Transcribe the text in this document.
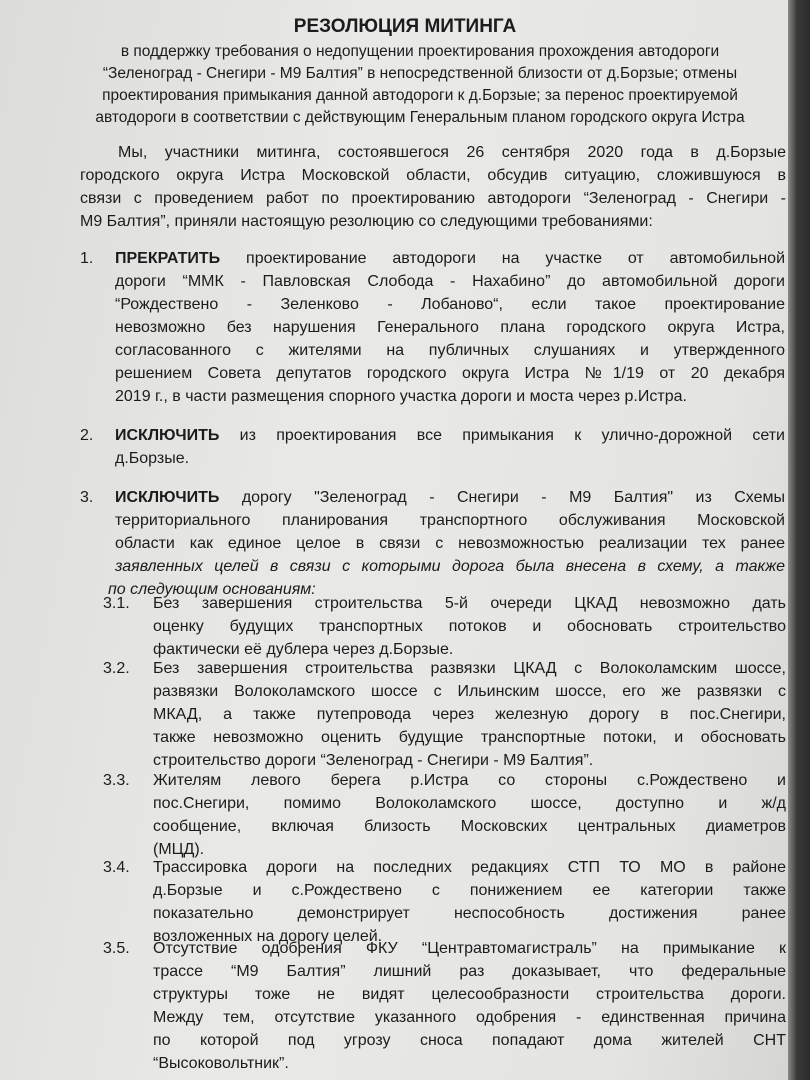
РЕЗОЛЮЦИЯ МИТИНГА
в поддержку требования о недопущении проектирования прохождения автодороги
“Зеленоград - Снегири - М9 Балтия” в непосредственной близости от д.Борзые; отмены
проектирования примыкания данной автодороги к д.Борзые; за перенос проектируемой
автодороги в соответствии с действующим Генеральным планом городского округа Истра
Мы, участники митинга, состоявшегося 26 сентября 2020 года в д.Борзые
городского округа Истра Московской области, обсудив ситуацию, сложившуюся в
связи с проведением работ по проектированию автодороги “Зеленоград - Снегири -
М9 Балтия”, приняли настоящую резолюцию со следующими требованиями:
1. ПРЕКРАТИТЬ проектирование автодороги на участке от автомобильной
дороги “ММК - Павловская Слобода - Нахабино” до автомобильной дороги
“Рождествено - Зеленково - Лобаново“, если такое проектирование
невозможно без нарушения Генерального плана городского округа Истра,
согласованного с жителями на публичных слушаниях и утвержденного
решением Совета депутатов городского округа Истра №1/19 от 20 декабря
2019 г., в части размещения спорного участка дороги и моста через р.Истра.
2. ИСКЛЮЧИТЬ из проектирования все примыкания к улично-дорожной сети
д.Борзые.
3. ИСКЛЮЧИТЬ дорогу "Зеленоград - Снегири - М9 Балтия" из Схемы
территориального планирования транспортного обслуживания Московской
области как единое целое в связи с невозможностью реализации тех ранее
заявленных целей в связи с которыми дорога была внесена в схему, а также
по следующим основаниям:
3.1. Без завершения строительства 5-й очереди ЦКАД невозможно дать
оценку будущих транспортных потоков и обосновать строительство
фактически её дублера через д.Борзые.
3.2. Без завершения строительства развязки ЦКАД с Волоколамским шоссе,
развязки Волоколамского шоссе с Ильинским шоссе, его же развязки с
МКАД, а также путепровода через железную дорогу в пос.Снегири,
также невозможно оценить будущие транспортные потоки, и обосновать
строительство дороги “Зеленоград - Снегири - М9 Балтия”.
3.3. Жителям левого берега р.Истра со стороны с.Рождествено и
пос.Снегири, помимо Волоколамского шоссе, доступно и ж/д
сообщение, включая близость Московских центральных диаметров
(МЦД).
3.4. Трассировка дороги на последних редакциях СТП ТО МО в районе
д.Борзые и с.Рождествено с понижением ее категории также
показательно демонстрирует неспособность достижения ранее
возложенных на дорогу целей.
3.5. Отсутствие одобрения ФКУ “Центравтомагистраль” на примыкание к
трассе “М9 Балтия” лишний раз доказывает, что федеральные
структуры тоже не видят целесообразности строительства дороги.
Между тем, отсутствие указанного одобрения - единственная причина
по которой под угрозу сноса попадают дома жителей СНТ
“Высоковольтник”.
